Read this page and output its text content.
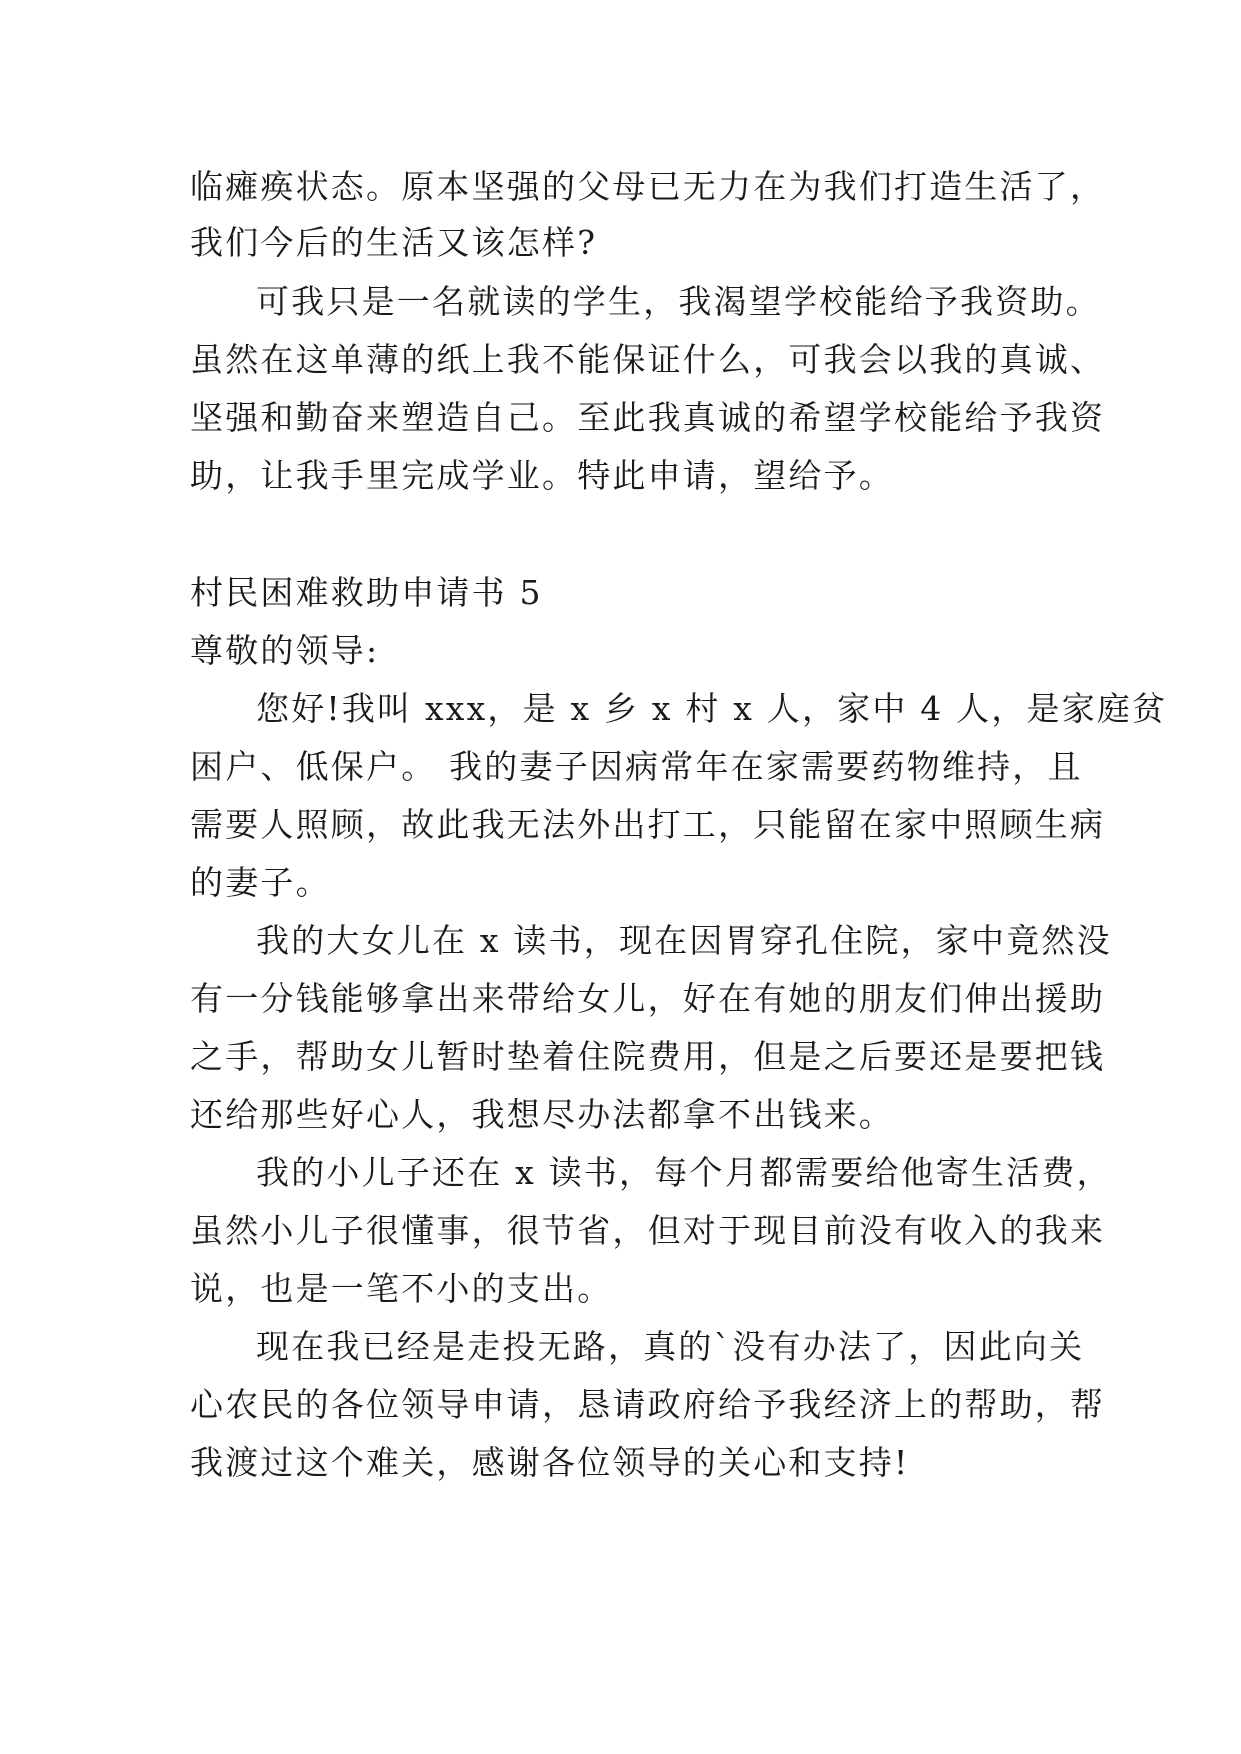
临瘫痪状态。原本坚强的父母已无力在为我们打造生活了，
我们今后的生活又该怎样?
可我只是一名就读的学生，我渴望学校能给予我资助。
虽然在这单薄的纸上我不能保证什么，可我会以我的真诚、
坚强和勤奋来塑造自己。至此我真诚的希望学校能给予我资
助，让我手里完成学业。特此申请，望给予。
村民困难救助申请书 5
尊敬的领导:
您好!我叫 xxx，是 x 乡 x 村 x 人，家中 4 人，是家庭贫
困户、低保户。 我的妻子因病常年在家需要药物维持，且
需要人照顾，故此我无法外出打工，只能留在家中照顾生病
的妻子。
我的大女儿在 x 读书，现在因胃穿孔住院，家中竟然没
有一分钱能够拿出来带给女儿，好在有她的朋友们伸出援助
之手，帮助女儿暂时垫着住院费用，但是之后要还是要把钱
还给那些好心人，我想尽办法都拿不出钱来。
我的小儿子还在 x 读书，每个月都需要给他寄生活费，
虽然小儿子很懂事，很节省，但对于现目前没有收入的我来
说，也是一笔不小的支出。
现在我已经是走投无路，真的`没有办法了，因此向关
心农民的各位领导申请，恳请政府给予我经济上的帮助，帮
我渡过这个难关，感谢各位领导的关心和支持!
